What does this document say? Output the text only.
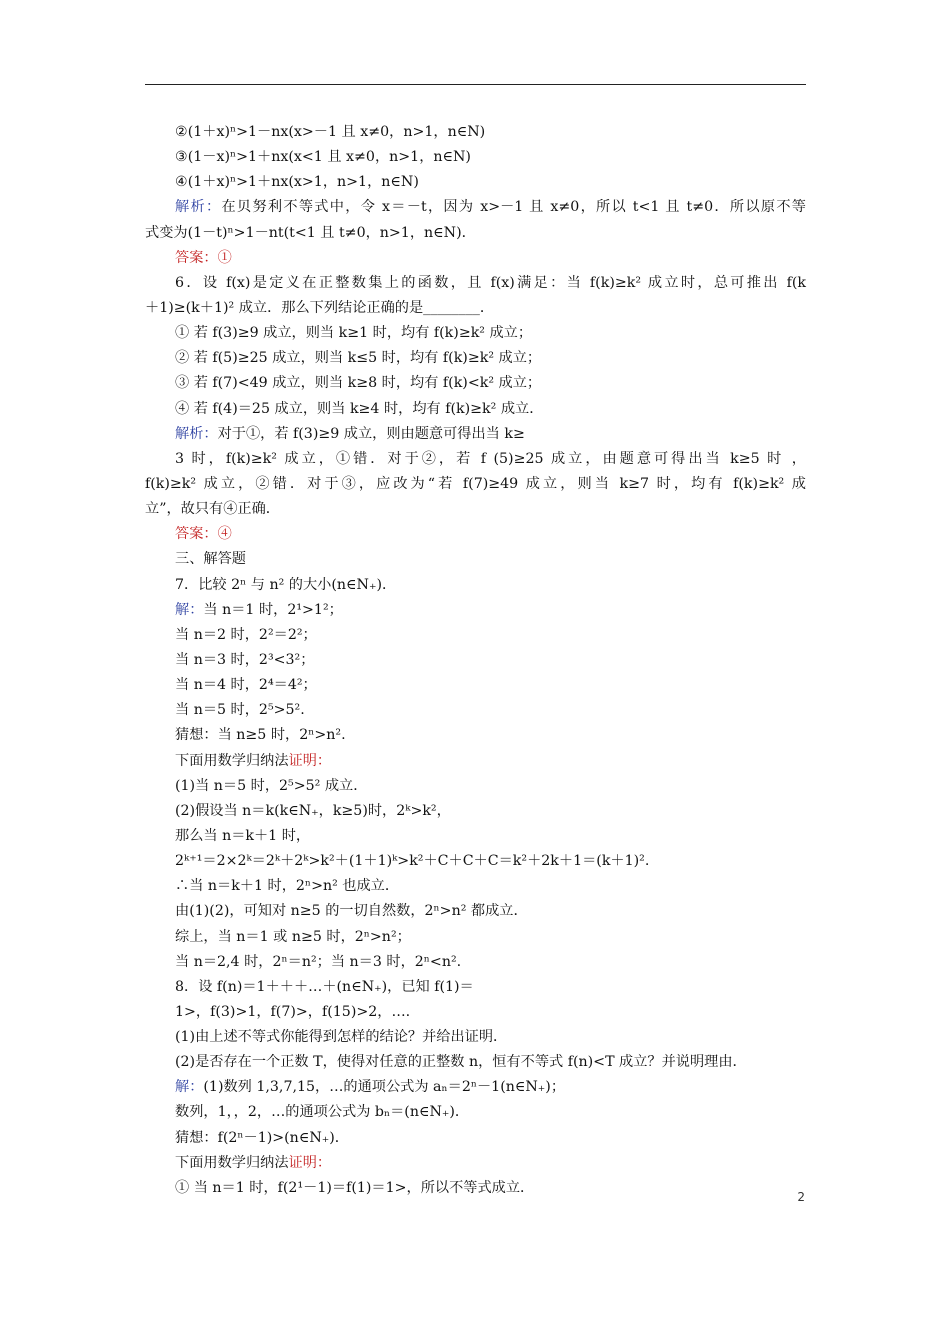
②(1＋x)ⁿ>1－nx(x>－1 且 x≠0，n>1，n∈N)
③(1－x)ⁿ>1＋nx(x<1 且 x≠0，n>1，n∈N)
④(1＋x)ⁿ>1＋nx(x>1，n>1，n∈N)
解析：在贝努利不等式中，令 x＝－t，因为 x>－1 且 x≠0，所以 t<1 且 t≠0．所以原不等
式变为(1－t)ⁿ>1－nt(t<1 且 t≠0，n>1，n∈N)．
答案：①
6．设 f(x)是定义在正整数集上的函数，且 f(x)满足：当 f(k)≥k² 成立时，总可推出 f(k
＋1)≥(k＋1)² 成立．那么下列结论正确的是________．
① 若 f(3)≥9 成立，则当 k≥1 时，均有 f(k)≥k² 成立；
② 若 f(5)≥25 成立，则当 k≤5 时，均有 f(k)≥k² 成立；
③ 若 f(7)<49 成立，则当 k≥8 时，均有 f(k)<k² 成立；
④ 若 f(4)＝25 成立，则当 k≥4 时，均有 f(k)≥k² 成立．
解析：对于①，若 f(3)≥9 成立，则由题意可得出当 k≥
3 时，f(k)≥k² 成立，①错．对于②，若 f (5)≥25 成立，由题意可得出当 k≥5 时 ，
f(k)≥k² 成立，②错．对于③，应改为“若 f(7)≥49 成立，则当 k≥7 时，均有 f(k)≥k² 成
立”，故只有④正确．
答案：④
三、解答题
7．比较 2ⁿ 与 n² 的大小(n∈N₊)．
解：当 n＝1 时，2¹>1²；
当 n＝2 时，2²＝2²；
当 n＝3 时，2³<3²；
当 n＝4 时，2⁴＝4²；
当 n＝5 时，2⁵>5².
猜想：当 n≥5 时，2ⁿ>n².
下面用数学归纳法证明：
(1)当 n＝5 时，2⁵>5² 成立．
(2)假设当 n＝k(k∈N₊，k≥5)时，2ᵏ>k²，
那么当 n＝k＋1 时，
2ᵏ⁺¹＝2×2ᵏ＝2ᵏ＋2ᵏ>k²＋(1＋1)ᵏ>k²＋C＋C＋C＝k²＋2k＋1＝(k＋1)².
∴当 n＝k＋1 时，2ⁿ>n² 也成立．
由(1)(2)，可知对 n≥5 的一切自然数，2ⁿ>n² 都成立．
综上，当 n＝1 或 n≥5 时，2ⁿ>n²；
当 n＝2,4 时，2ⁿ＝n²；当 n＝3 时，2ⁿ<n².
8．设 f(n)＝1＋＋＋…＋(n∈N₊)，已知 f(1)＝
1>，f(3)>1，f(7)>，f(15)>2，….
(1)由上述不等式你能得到怎样的结论？并给出证明．
(2)是否存在一个正数 T，使得对任意的正整数 n，恒有不等式 f(n)<T 成立？并说明理由．
解：(1)数列 1,3,7,15，…的通项公式为 aₙ＝2ⁿ－1(n∈N₊)；
数列，1，，2，…的通项公式为 bₙ＝(n∈N₊)．
猜想：f(2ⁿ－1)>(n∈N₊)．
下面用数学归纳法证明：
① 当 n＝1 时，f(2¹－1)＝f(1)＝1>，所以不等式成立．
2
